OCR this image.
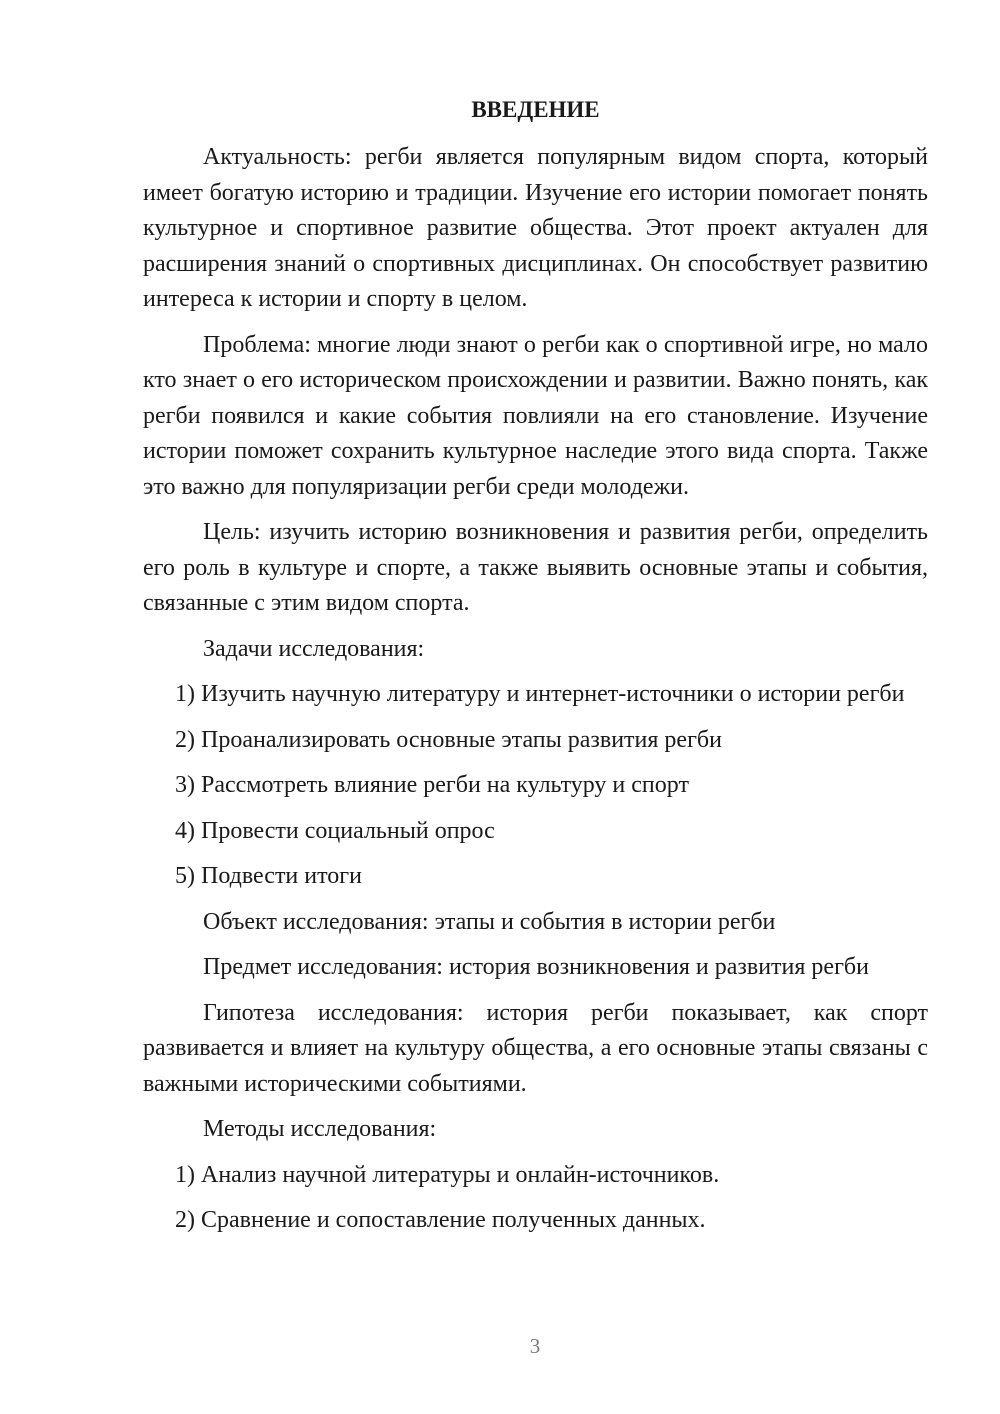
ВВЕДЕНИЕ

Актуальность: регби является популярным видом спорта, который имеет богатую историю и традиции. Изучение его истории помогает понять культурное и спортивное развитие общества. Этот проект актуален для расширения знаний о спортивных дисциплинах. Он способствует развитию интереса к истории и спорту в целом.

Проблема: многие люди знают о регби как о спортивной игре, но мало кто знает о его историческом происхождении и развитии. Важно понять, как регби появился и какие события повлияли на его становление. Изучение истории поможет сохранить культурное наследие этого вида спорта. Также это важно для популяризации регби среди молодежи.

Цель: изучить историю возникновения и развития регби, определить его роль в культуре и спорте, а также выявить основные этапы и события, связанные с этим видом спорта.

Задачи исследования:

1) Изучить научную литературу и интернет-источники о истории регби

2) Проанализировать основные этапы развития регби

3) Рассмотреть влияние регби на культуру и спорт

4) Провести социальный опрос

5) Подвести итоги

Объект исследования: этапы и события в истории регби

Предмет исследования: история возникновения и развития регби

Гипотеза исследования: история регби показывает, как спорт развивается и влияет на культуру общества, а его основные этапы связаны с важными историческими событиями.

Методы исследования:

1) Анализ научной литературы и онлайн-источников.

2) Сравнение и сопоставление полученных данных.

3
